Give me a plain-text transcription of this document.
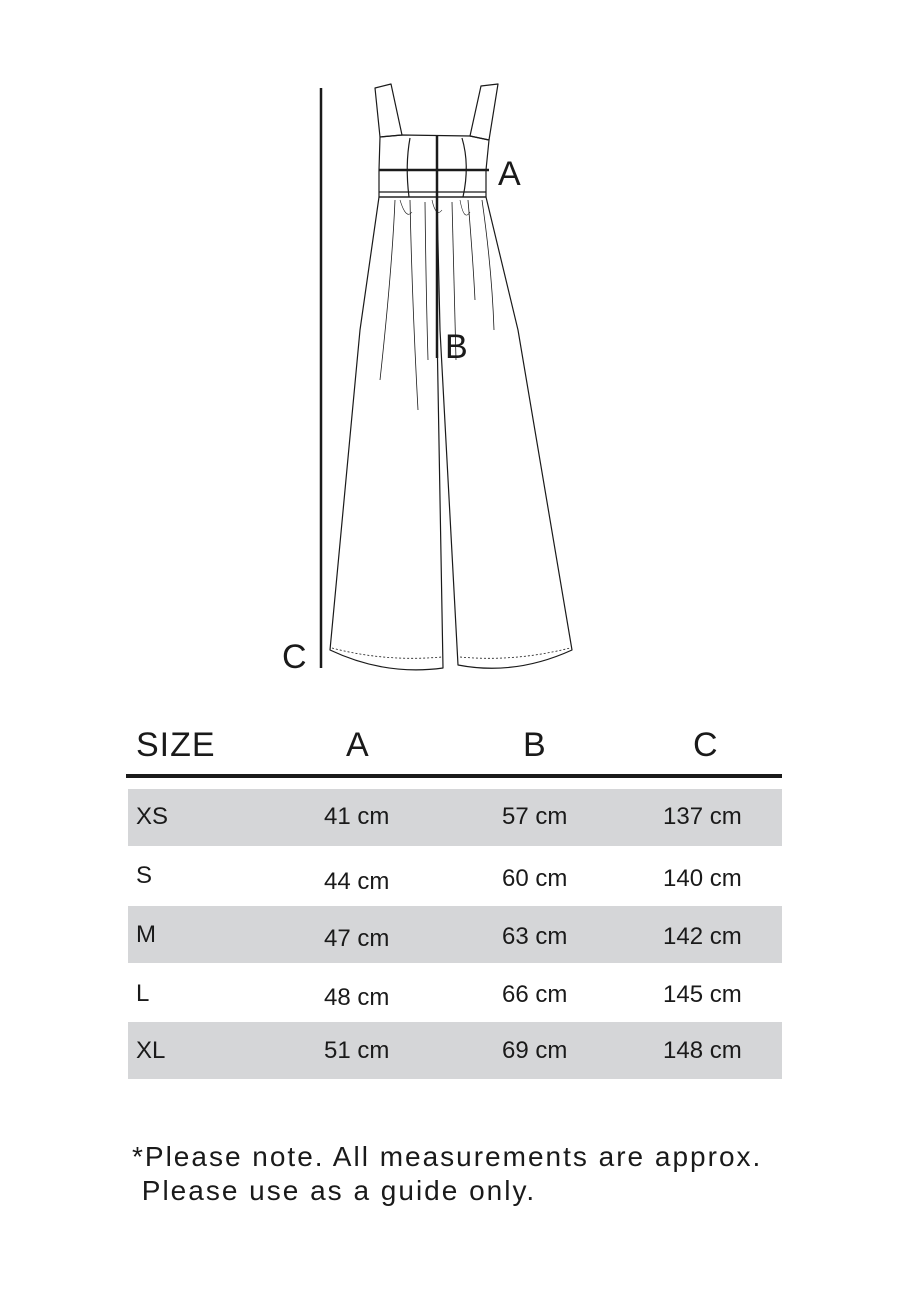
A
B
C
SIZE	A	B	C
XS	41 cm	57 cm	137 cm
S	44 cm	60 cm	140 cm
M	47 cm	63 cm	142 cm
L	48 cm	66 cm	145 cm
XL	51 cm	69 cm	148 cm
*Please note. All measurements are approx.
Please use as a guide only.
